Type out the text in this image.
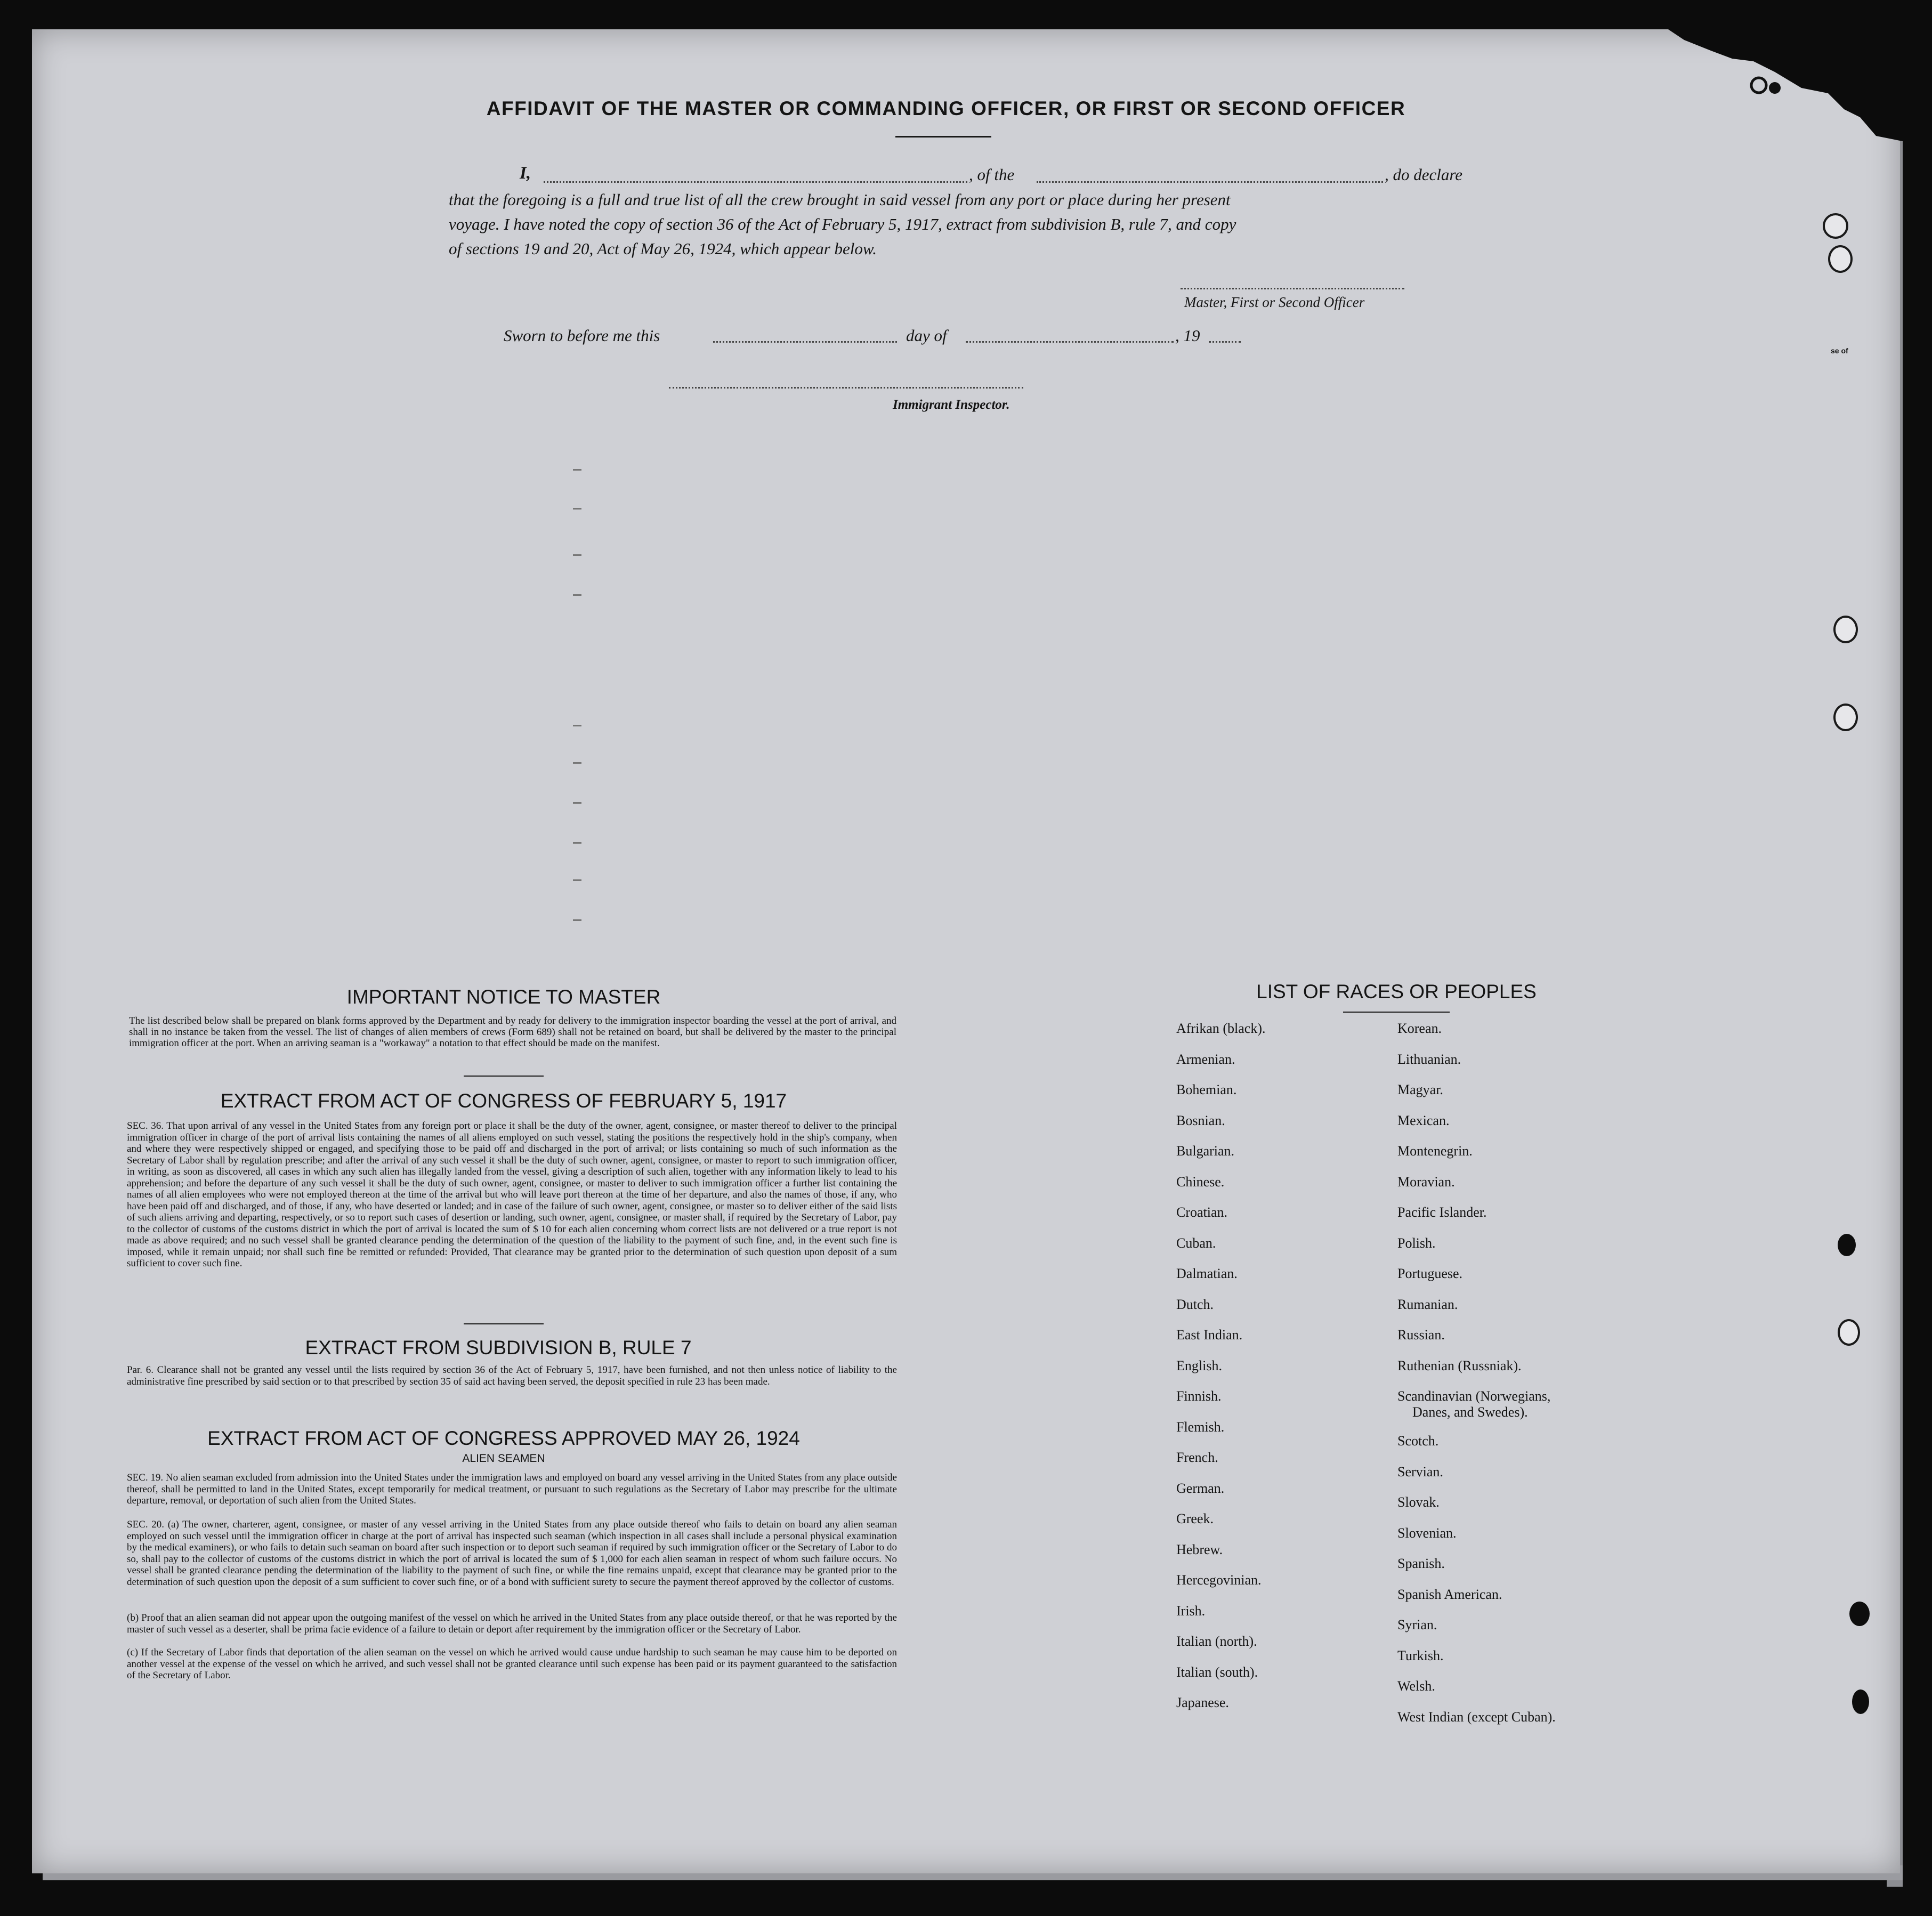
AFFIDAVIT OF THE MASTER OR COMMANDING OFFICER, OR FIRST OR SECOND OFFICER
I,	, of the	, do declare
that the foregoing is a full and true list of all the crew brought in said vessel from any port or place during her present
voyage. I have noted the copy of section 36 of the Act of February 5, 1917, extract from subdivision B, rule 7, and copy
of sections 19 and 20, Act of May 26, 1924, which appear below.
Master, First or Second Officer
Sworn to before me this	day of	, 19
Immigrant Inspector.
IMPORTANT NOTICE TO MASTER
The list described below shall be prepared on blank forms approved by the Department and by ready for delivery to the immigration inspector boarding the vessel at the port of arrival, and shall in no instance be taken from the vessel. The list of changes of alien members of crews (Form 689) shall not be retained on board, but shall be delivered by the master to the principal immigration officer at the port. When an arriving seaman is a "workaway" a notation to that effect should be made on the manifest.
EXTRACT FROM ACT OF CONGRESS OF FEBRUARY 5, 1917
SEC. 36. That upon arrival of any vessel in the United States from any foreign port or place it shall be the duty of the owner, agent, consignee, or master thereof to deliver to the principal immigration officer in charge of the port of arrival lists containing the names of all aliens employed on such vessel, stating the positions the respectively hold in the ship's company, when and where they were respectively shipped or engaged, and specifying those to be paid off and discharged in the port of arrival; or lists containing so much of such information as the Secretary of Labor shall by regulation prescribe; and after the arrival of any such vessel it shall be the duty of such owner, agent, consignee, or master to report to such immigration officer, in writing, as soon as discovered, all cases in which any such alien has illegally landed from the vessel, giving a description of such alien, together with any information likely to lead to his apprehension; and before the departure of any such vessel it shall be the duty of such owner, agent, consignee, or master to deliver to such immigration officer a further list containing the names of all alien employees who were not employed thereon at the time of the arrival but who will leave port thereon at the time of her departure, and also the names of those, if any, who have been paid off and discharged, and of those, if any, who have deserted or landed; and in case of the failure of such owner, agent, consignee, or master so to deliver either of the said lists of such aliens arriving and departing, respectively, or so to report such cases of desertion or landing, such owner, agent, consignee, or master shall, if required by the Secretary of Labor, pay to the collector of customs of the customs district in which the port of arrival is located the sum of $ 10 for each alien concerning whom correct lists are not delivered or a true report is not made as above required; and no such vessel shall be granted clearance pending the determination of the question of the liability to the payment of such fine, and, in the event such fine is imposed, while it remain unpaid; nor shall such fine be remitted or refunded: Provided, That clearance may be granted prior to the determination of such question upon deposit of a sum sufficient to cover such fine.
EXTRACT FROM SUBDIVISION B, RULE 7
Par. 6. Clearance shall not be granted any vessel until the lists required by section 36 of the Act of February 5, 1917, have been furnished, and not then unless notice of liability to the administrative fine prescribed by said section or to that prescribed by section 35 of said act having been served, the deposit specified in rule 23 has been made.
EXTRACT FROM ACT OF CONGRESS APPROVED MAY 26, 1924
ALIEN SEAMEN
SEC. 19. No alien seaman excluded from admission into the United States under the immigration laws and employed on board any vessel arriving in the United States from any place outside thereof, shall be permitted to land in the United States, except temporarily for medical treatment, or pursuant to such regulations as the Secretary of Labor may prescribe for the ultimate departure, removal, or deportation of such alien from the United States.
SEC. 20. (a) The owner, charterer, agent, consignee, or master of any vessel arriving in the United States from any place outside thereof who fails to detain on board any alien seaman employed on such vessel until the immigration officer in charge at the port of arrival has inspected such seaman (which inspection in all cases shall include a personal physical examination by the medical examiners), or who fails to detain such seaman on board after such inspection or to deport such seaman if required by such immigration officer or the Secretary of Labor to do so, shall pay to the collector of customs of the customs district in which the port of arrival is located the sum of $ 1,000 for each alien seaman in respect of whom such failure occurs. No vessel shall be granted clearance pending the determination of the liability to the payment of such fine, or while the fine remains unpaid, except that clearance may be granted prior to the determination of such question upon the deposit of a sum sufficient to cover such fine, or of a bond with sufficient surety to secure the payment thereof approved by the collector of customs.
(b) Proof that an alien seaman did not appear upon the outgoing manifest of the vessel on which he arrived in the United States from any place outside thereof, or that he was reported by the master of such vessel as a deserter, shall be prima facie evidence of a failure to detain or deport after requirement by the immigration officer or the Secretary of Labor.
(c) If the Secretary of Labor finds that deportation of the alien seaman on the vessel on which he arrived would cause undue hardship to such seaman he may cause him to be deported on another vessel at the expense of the vessel on which he arrived, and such vessel shall not be granted clearance until such expense has been paid or its payment guaranteed to the satisfaction of the Secretary of Labor.
LIST OF RACES OR PEOPLES
Afrikan (black).
Armenian.
Bohemian.
Bosnian.
Bulgarian.
Chinese.
Croatian.
Cuban.
Dalmatian.
Dutch.
East Indian.
English.
Finnish.
Flemish.
French.
German.
Greek.
Hebrew.
Hercegovinian.
Irish.
Italian (north).
Italian (south).
Japanese.
Korean.
Lithuanian.
Magyar.
Mexican.
Montenegrin.
Moravian.
Pacific Islander.
Polish.
Portuguese.
Rumanian.
Russian.
Ruthenian (Russniak).
Scandinavian (Norwegians,
Danes, and Swedes).
Scotch.
Servian.
Slovak.
Slovenian.
Spanish.
Spanish American.
Syrian.
Turkish.
Welsh.
West Indian (except Cuban).
se of
